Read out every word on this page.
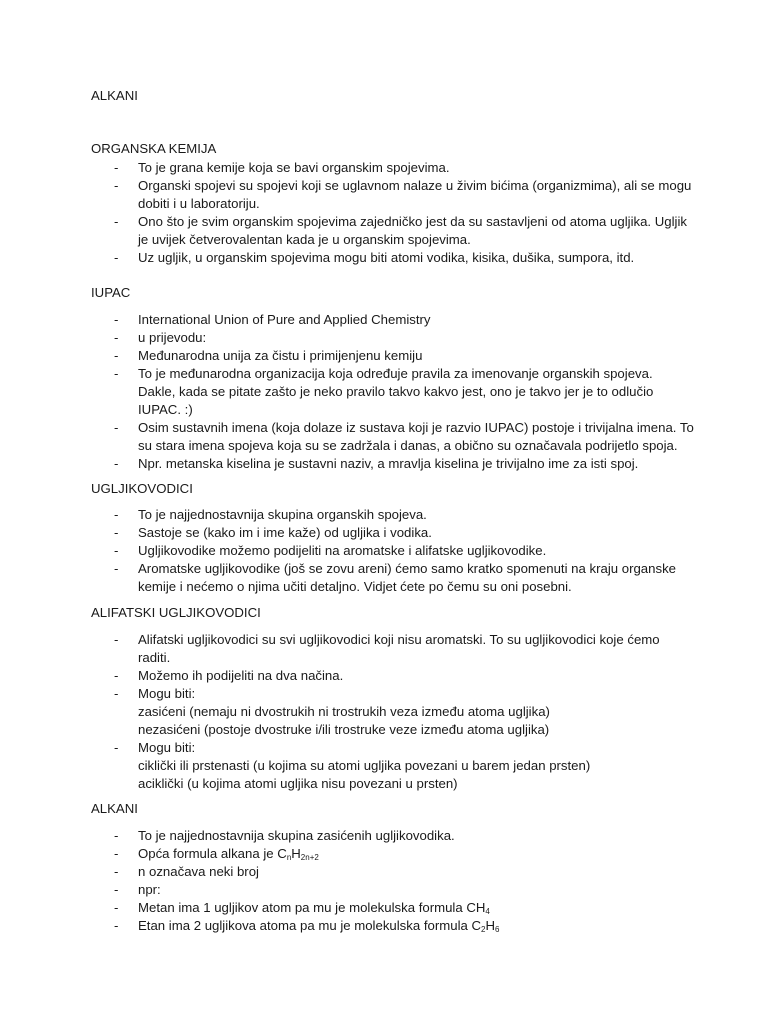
ALKANI
ORGANSKA KEMIJA
- To je grana kemije koja se bavi organskim spojevima.
- Organski spojevi su spojevi koji se uglavnom nalaze u živim bićima (organizmima), ali se mogu
dobiti i u laboratoriju.
- Ono što je svim organskim spojevima zajedničko jest da su sastavljeni od atoma ugljika. Ugljik
je uvijek četverovalentan kada je u organskim spojevima.
- Uz ugljik, u organskim spojevima mogu biti atomi vodika, kisika, dušika, sumpora, itd.
IUPAC
- International Union of Pure and Applied Chemistry
- u prijevodu:
- Međunarodna unija za čistu i primijenjenu kemiju
- To je međunarodna organizacija koja određuje pravila za imenovanje organskih spojeva.
Dakle, kada se pitate zašto je neko pravilo takvo kakvo jest, ono je takvo jer je to odlučio
IUPAC. :)
- Osim sustavnih imena (koja dolaze iz sustava koji je razvio IUPAC) postoje i trivijalna imena. To
su stara imena spojeva koja su se zadržala i danas, a obično su označavala podrijetlo spoja.
- Npr. metanska kiselina je sustavni naziv, a mravlja kiselina je trivijalno ime za isti spoj.
UGLJIKOVODICI
- To je najjednostavnija skupina organskih spojeva.
- Sastoje se (kako im i ime kaže) od ugljika i vodika.
- Ugljikovodike možemo podijeliti na aromatske i alifatske ugljikovodike.
- Aromatske ugljikovodike (još se zovu areni) ćemo samo kratko spomenuti na kraju organske
kemije i nećemo o njima učiti detaljno. Vidjet ćete po čemu su oni posebni.
ALIFATSKI UGLJIKOVODICI
- Alifatski ugljikovodici su svi ugljikovodici koji nisu aromatski. To su ugljikovodici koje ćemo
raditi.
- Možemo ih podijeliti na dva načina.
- Mogu biti:
zasićeni (nemaju ni dvostrukih ni trostrukih veza između atoma ugljika)
nezasićeni (postoje dvostruke i/ili trostruke veze između atoma ugljika)
- Mogu biti:
ciklički ili prstenasti (u kojima su atomi ugljika povezani u barem jedan prsten)
aciklički (u kojima atomi ugljika nisu povezani u prsten)
ALKANI
- To je najjednostavnija skupina zasićenih ugljikovodika.
- Opća formula alkana je $C_nH_{2n+2}$
- n označava neki broj
- npr:
- Metan ima 1 ugljikov atom pa mu je molekulska formula $CH_4$
- Etan ima 2 ugljikova atoma pa mu je molekulska formula $C_2H_6$
